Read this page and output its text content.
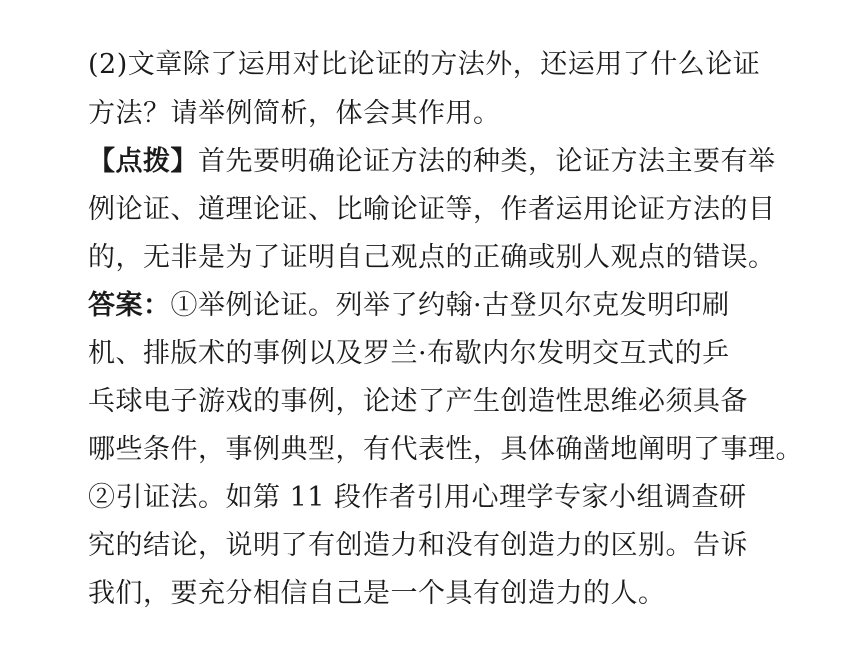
(2)文章除了运用对比论证的方法外，还运用了什么论证
方法？请举例简析，体会其作用。
【点拨】首先要明确论证方法的种类，论证方法主要有举
例论证、道理论证、比喻论证等，作者运用论证方法的目
的，无非是为了证明自己观点的正确或别人观点的错误。
答案：①举例论证。列举了约翰·古登贝尔克发明印刷
机、排版术的事例以及罗兰·布歇内尔发明交互式的乒
乓球电子游戏的事例，论述了产生创造性思维必须具备
哪些条件，事例典型，有代表性，具体确凿地阐明了事理。
②引证法。如第 11 段作者引用心理学专家小组调查研
究的结论，说明了有创造力和没有创造力的区别。告诉
我们，要充分相信自己是一个具有创造力的人。
